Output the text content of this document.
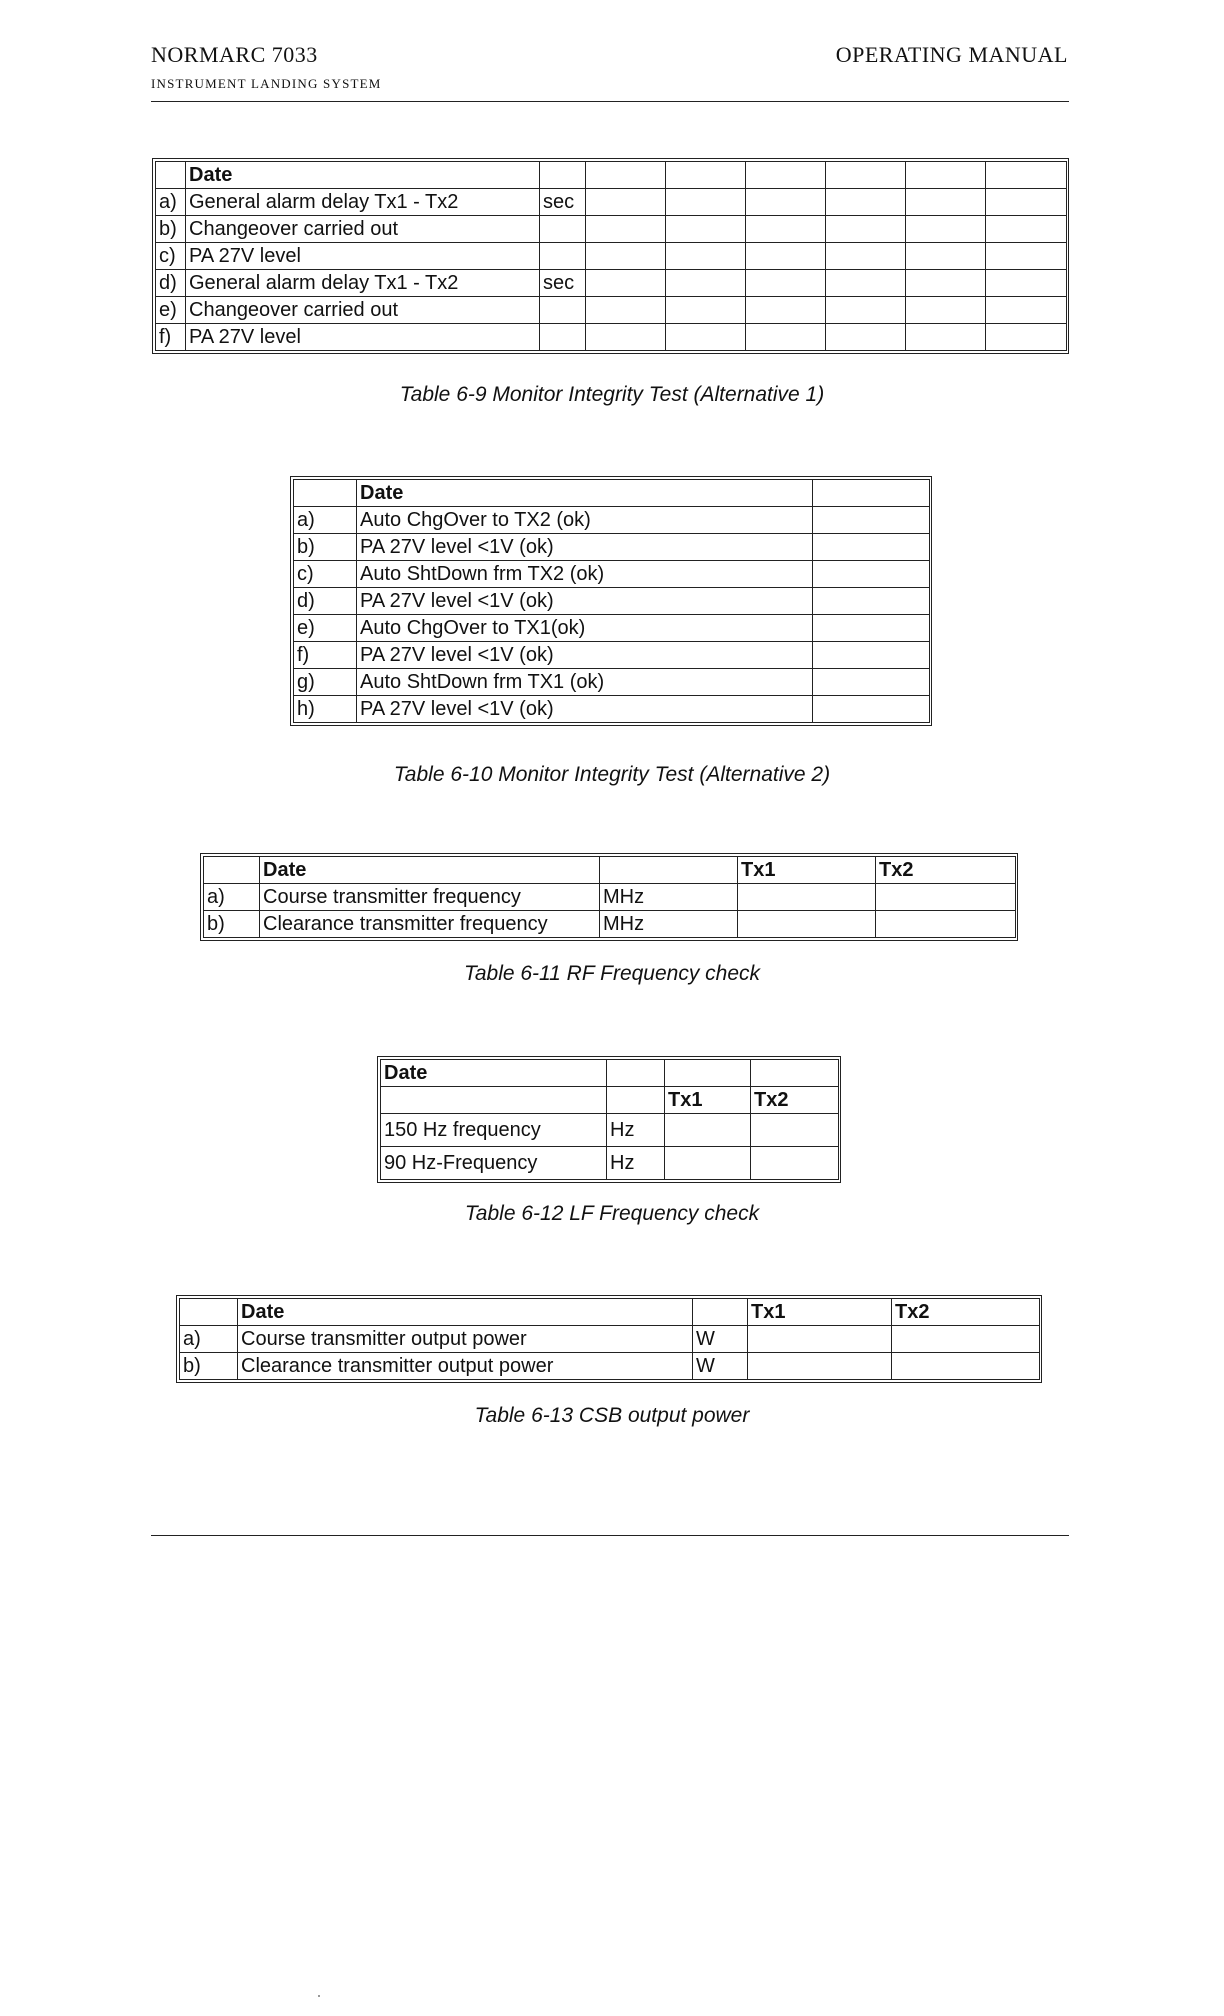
NORMARC 7033
INSTRUMENT LANDING SYSTEM
OPERATING MANUAL
	Date							
a)	General alarm delay Tx1 - Tx2	sec						
b)	Changeover carried out							
c)	PA 27V level							
d)	General alarm delay Tx1 - Tx2	sec						
e)	Changeover carried out							
f)	PA 27V level							
Table 6-9 Monitor Integrity Test (Alternative 1)
	Date	
a)	Auto ChgOver to TX2 (ok)	
b)	PA 27V level <1V (ok)	
c)	Auto ShtDown frm TX2 (ok)	
d)	PA 27V level <1V (ok)	
e)	Auto ChgOver to TX1(ok)	
f)	PA 27V level <1V (ok)	
g)	Auto ShtDown frm TX1 (ok)	
h)	PA 27V level <1V (ok)	
Table 6-10 Monitor Integrity Test (Alternative 2)
	Date		Tx1	Tx2
a)	Course transmitter frequency	MHz		
b)	Clearance transmitter frequency	MHz		
Table 6-11 RF Frequency check
Date			
		Tx1	Tx2
150 Hz frequency	Hz		
90 Hz-Frequency	Hz		
Table 6-12 LF Frequency check
	Date		Tx1	Tx2
a)	Course transmitter output power	W		
b)	Clearance transmitter output power	W		
Table 6-13 CSB output power
